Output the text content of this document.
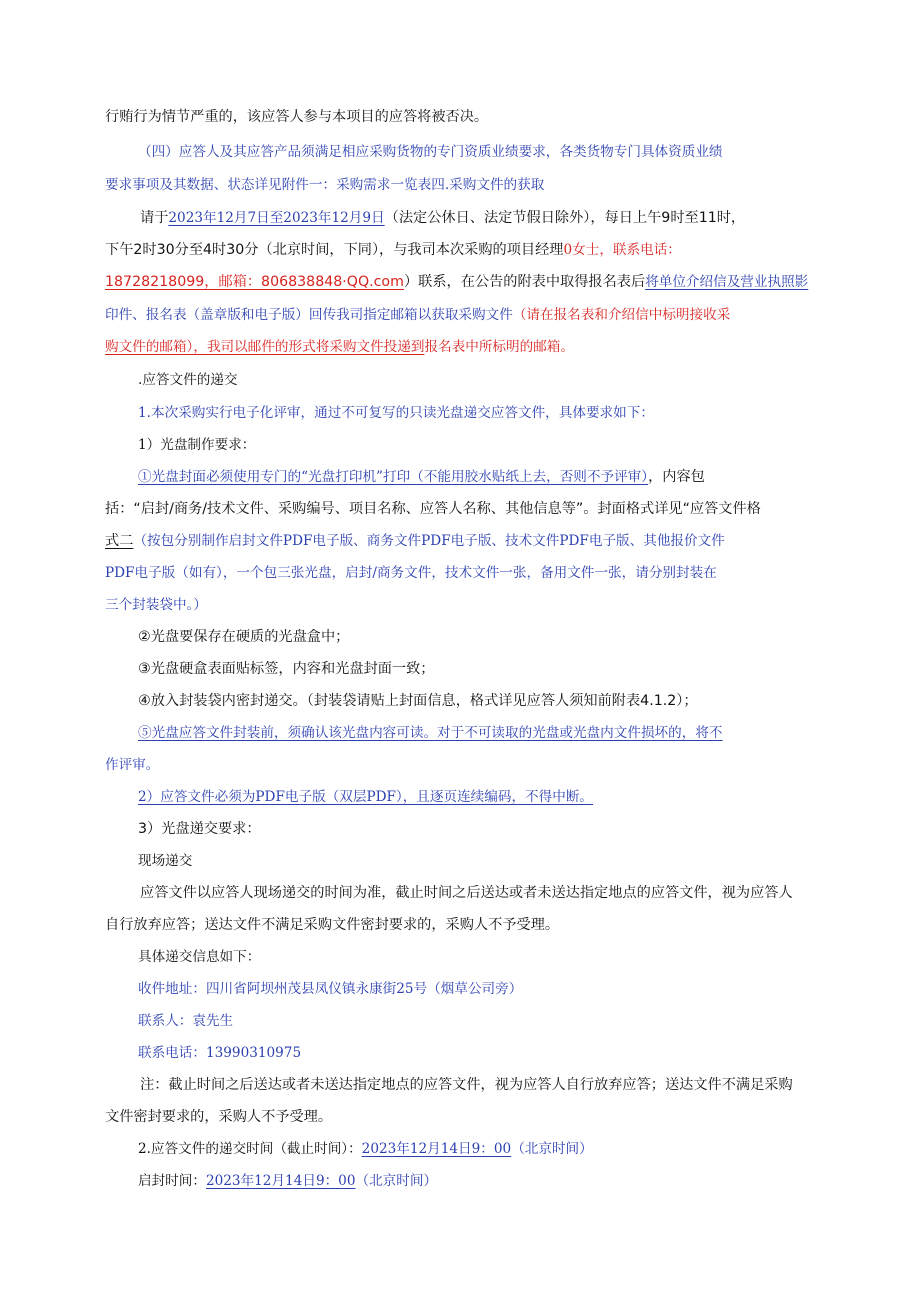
行贿行为情节严重的，该应答人参与本项目的应答将被否决。
（四）应答人及其应答产品须满足相应采购货物的专门资质业绩要求，各类货物专门具体资质业绩
要求事项及其数据、状态详见附件一：采购需求一览表四.采购文件的获取
请于2023年12月7日至2023年12月9日（法定公休日、法定节假日除外），每日上午9时至11时，
下午2时30分至4时30分（北京时间，下同），与我司本次采购的项目经理0女士，联系电话：
18728218099，邮箱：806838848·QQ.com）联系，在公告的附表中取得报名表后将单位介绍信及营业执照影
印件、报名表（盖章版和电子版）回传我司指定邮箱以获取采购文件（请在报名表和介绍信中标明接收采
购文件的邮箱），我司以邮件的形式将采购文件投递到报名表中所标明的邮箱。
.应答文件的递交
1.本次采购实行电子化评审，通过不可复写的只读光盘递交应答文件，具体要求如下：
1）光盘制作要求：
①光盘封面必须使用专门的“光盘打印机”打印（不能用胶水贴纸上去，否则不予评审），内容包
括：“启封/商务/技术文件、采购编号、项目名称、应答人名称、其他信息等”。封面格式详见“应答文件格
式二（按包分别制作启封文件PDF电子版、商务文件PDF电子版、技术文件PDF电子版、其他报价文件
PDF电子版（如有），一个包三张光盘，启封/商务文件，技术文件一张，备用文件一张，请分别封装在
三个封装袋中。）
②光盘要保存在硬质的光盘盒中；
③光盘硬盒表面贴标签，内容和光盘封面一致；
④放入封装袋内密封递交。（封装袋请贴上封面信息，格式详见应答人须知前附表4.1.2）；
⑤光盘应答文件封装前，须确认该光盘内容可读。对于不可读取的光盘或光盘内文件损坏的，将不
作评审。
2）应答文件必须为PDF电子版（双层PDF），且逐页连续编码，不得中断。
3）光盘递交要求：
现场递交
应答文件以应答人现场递交的时间为准，截止时间之后送达或者未送达指定地点的应答文件，视为应答人
自行放弃应答；送达文件不满足采购文件密封要求的，采购人不予受理。
具体递交信息如下：
收件地址：四川省阿坝州茂县凤仪镇永康街25号（烟草公司旁）
联系人：袁先生
联系电话：13990310975
注：截止时间之后送达或者未送达指定地点的应答文件，视为应答人自行放弃应答；送达文件不满足采购
文件密封要求的，采购人不予受理。
2.应答文件的递交时间（截止时间）：2023年12月14日9：00（北京时间）
启封时间：2023年12月14日9：00（北京时间）
